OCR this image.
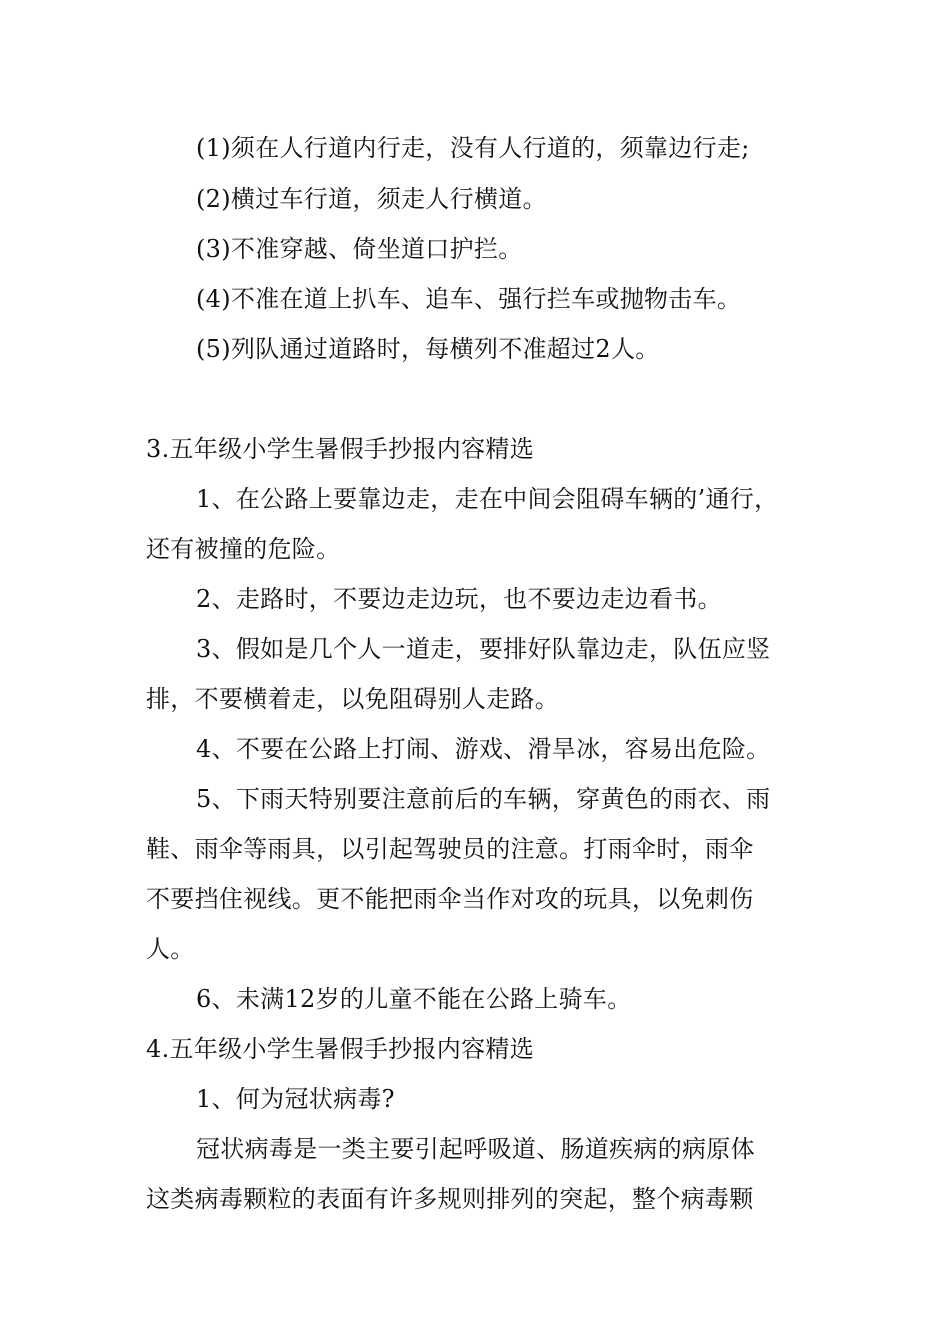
(1)须在人行道内行走，没有人行道的，须靠边行走;
(2)横过车行道，须走人行横道。
(3)不准穿越、倚坐道口护拦。
(4)不准在道上扒车、追车、强行拦车或抛物击车。
(5)列队通过道路时，每横列不准超过2人。
3.五年级小学生暑假手抄报内容精选
1、在公路上要靠边走，走在中间会阻碍车辆的’通行，
还有被撞的危险。
2、走路时，不要边走边玩，也不要边走边看书。
3、假如是几个人一道走，要排好队靠边走，队伍应竖
排，不要横着走，以免阻碍别人走路。
4、不要在公路上打闹、游戏、滑旱冰，容易出危险。
5、下雨天特别要注意前后的车辆，穿黄色的雨衣、雨
鞋、雨伞等雨具，以引起驾驶员的注意。打雨伞时，雨伞
不要挡住视线。更不能把雨伞当作对攻的玩具，以免刺伤
人。
6、未满12岁的儿童不能在公路上骑车。
4.五年级小学生暑假手抄报内容精选
1、何为冠状病毒?
冠状病毒是一类主要引起呼吸道、肠道疾病的病原体
这类病毒颗粒的表面有许多规则排列的突起，整个病毒颗
